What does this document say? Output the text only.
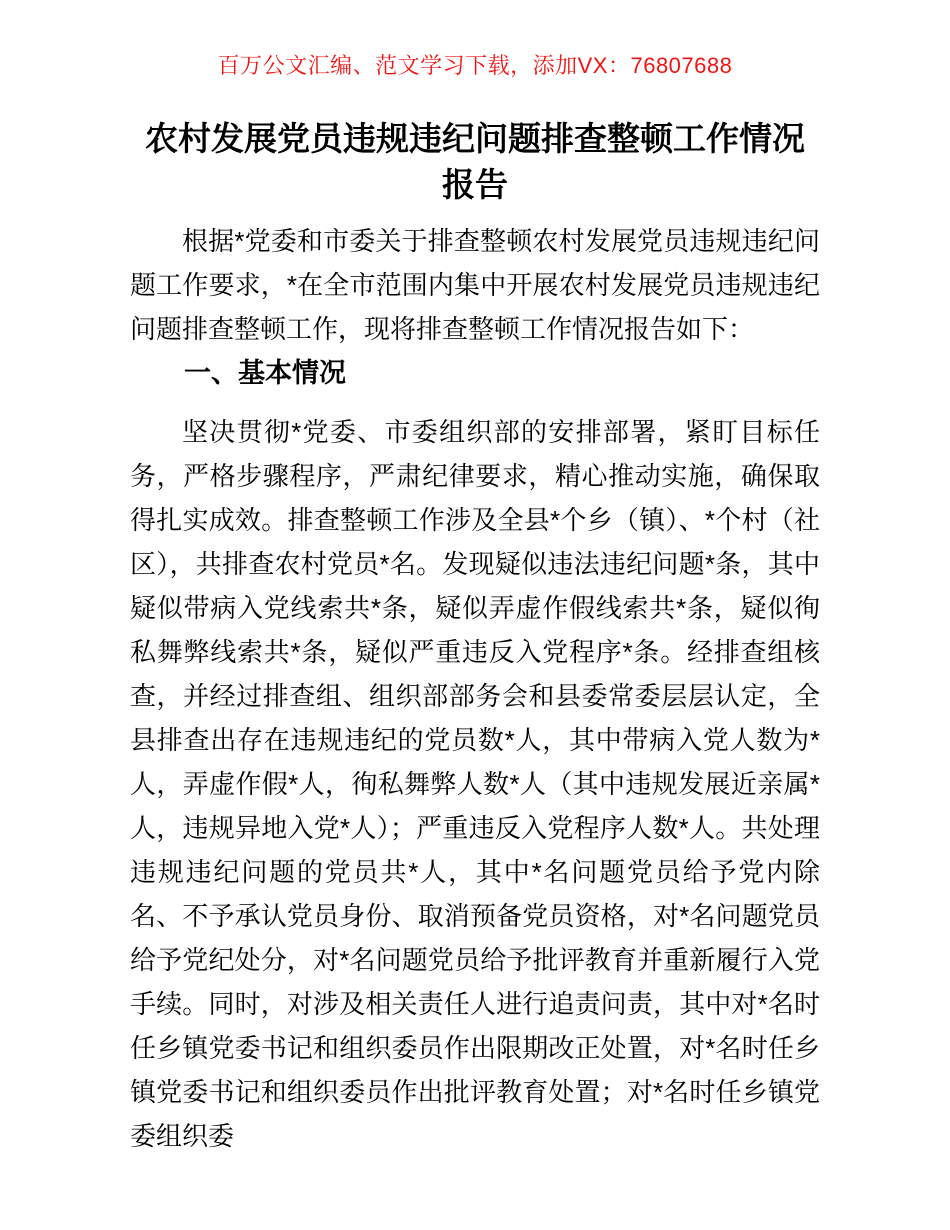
百万公文汇编、范文学习下载，添加VX：76807688
农村发展党员违规违纪问题排查整顿工作情况报告

根据*党委和市委关于排查整顿农村发展党员违规违纪问题工作要求，*在全市范围内集中开展农村发展党员违规违纪问题排查整顿工作，现将排查整顿工作情况报告如下：

一、基本情况

坚决贯彻*党委、市委组织部的安排部署，紧盯目标任务，严格步骤程序，严肃纪律要求，精心推动实施，确保取得扎实成效。排查整顿工作涉及全县*个乡（镇）、*个村（社区），共排查农村党员*名。发现疑似违法违纪问题*条，其中疑似带病入党线索共*条，疑似弄虚作假线索共*条，疑似徇私舞弊线索共*条，疑似严重违反入党程序*条。经排查组核查，并经过排查组、组织部部务会和县委常委层层认定，全县排查出存在违规违纪的党员数*人，其中带病入党人数为*人，弄虚作假*人，徇私舞弊人数*人（其中违规发展近亲属*人，违规异地入党*人）；严重违反入党程序人数*人。共处理违规违纪问题的党员共*人，其中*名问题党员给予党内除名、不予承认党员身份、取消预备党员资格，对*名问题党员给予党纪处分，对*名问题党员给予批评教育并重新履行入党手续。同时，对涉及相关责任人进行追责问责，其中对*名时任乡镇党委书记和组织委员作出限期改正处置，对*名时任乡镇党委书记和组织委员作出批评教育处置；对*名时任乡镇党委组织委
